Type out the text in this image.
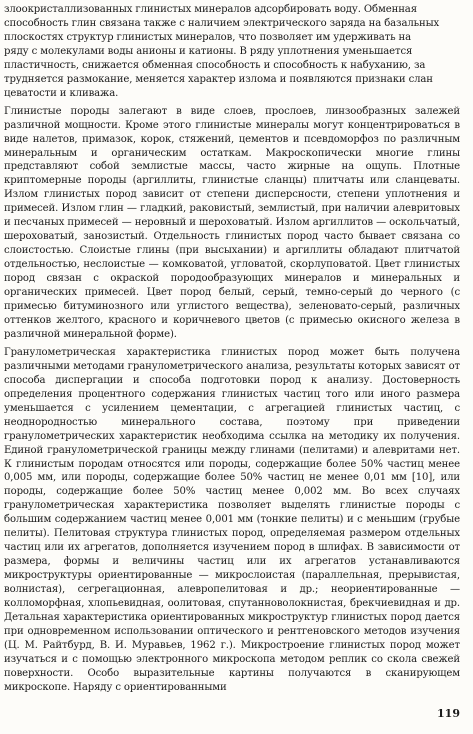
злоокристаллизованных глинистых минералов адсорбировать воду. Обменная
способность глин связана также с наличием электрического заряда на базальных
плоскостях структур глинистых минералов, что позволяет им удерживать на
ряду с молекулами воды анионы и катионы. В ряду уплотнения уменьшается
пластичность, снижается обменная способность и способность к набуханию, за
трудняется размокание, меняется характер излома и появляются признаки слан
цеватости и кливажа.

Глинистые породы залегают в виде слоев, прослоев, линзообразных залежей различной мощности. Кроме этого глинистые минералы могут концентрироваться в виде налетов, примазок, корок, стяжений, цементов и псевдоморфоз по различным минеральным и органическим остаткам. Макроскопически многие глины представляют собой землистые массы, часто жирные на ощупь. Плотные криптомерные породы (аргиллиты, глинистые сланцы) плитчаты или сланцеваты. Излом глинистых пород зависит от степени дисперсности, степени уплотнения и примесей. Излом глин — гладкий, раковистый, землистый, при наличии алевритовых и песчаных примесей — неровный и шероховатый. Излом аргиллитов — оскольчатый, шероховатый, занозистый. Отдельность глинистых пород часто бывает связана со слоистостью. Слоистые глины (при высыхании) и аргиллиты обладают плитчатой отдельностью, неслоистые — комковатой, угловатой, скорлуповатой. Цвет глинистых пород связан с окраской породообразующих минералов и минеральных и органических примесей. Цвет пород белый, серый, темно-серый до черного (с примесью битуминозного или углистого вещества), зеленовато-серый, различных оттенков желтого, красного и коричневого цветов (с примесью окисного железа в различной минеральной форме).

Гранулометрическая характеристика глинистых пород может быть получена различными методами гранулометрического анализа, результаты которых зависят от способа диспергации и способа подготовки пород к анализу. Достоверность определения процентного содержания глинистых частиц того или иного размера уменьшается с усилением цементации, с агрегацией глинистых частиц, с неоднородностью минерального состава, поэтому при приведении гранулометрических характеристик необходима ссылка на методику их получения. Единой гранулометрической границы между глинами (пелитами) и алевритами нет. К глинистым породам относятся или породы, содержащие более 50% частиц менее 0,005 мм, или породы, содержащие более 50% частиц не менее 0,01 мм [10], или породы, содержащие более 50% частиц менее 0,002 мм. Во всех случаях гранулометрическая характеристика позволяет выделять глинистые породы с большим содержанием частиц менее 0,001 мм (тонкие пелиты) и с меньшим (грубые пелиты). Пелитовая структура глинистых пород, определяемая размером отдельных частиц или их агрегатов, дополняется изучением пород в шлифах. В зависимости от размера, формы и величины частиц или их агрегатов устанавливаются микроструктуры ориентированные — микрослоистая (параллельная, прерывистая, волнистая), сегрегационная, алевропелитовая и др.; неориентированные — колломорфная, хлопьевидная, оолитовая, спутанноволокнистая, брекчиевидная и др. Детальная характеристика ориентированных микроструктур глинистых пород дается при одновременном использовании оптического и рентгеновского методов изучения (Ц. М. Райтбурд, В. И. Муравьев, 1962 г.). Микростроение глинистых пород может изучаться и с помощью электронного микроскопа методом реплик со скола свежей поверхности. Особо выразительные картины получаются в сканирующем микроскопе. Наряду с ориентированными

119
